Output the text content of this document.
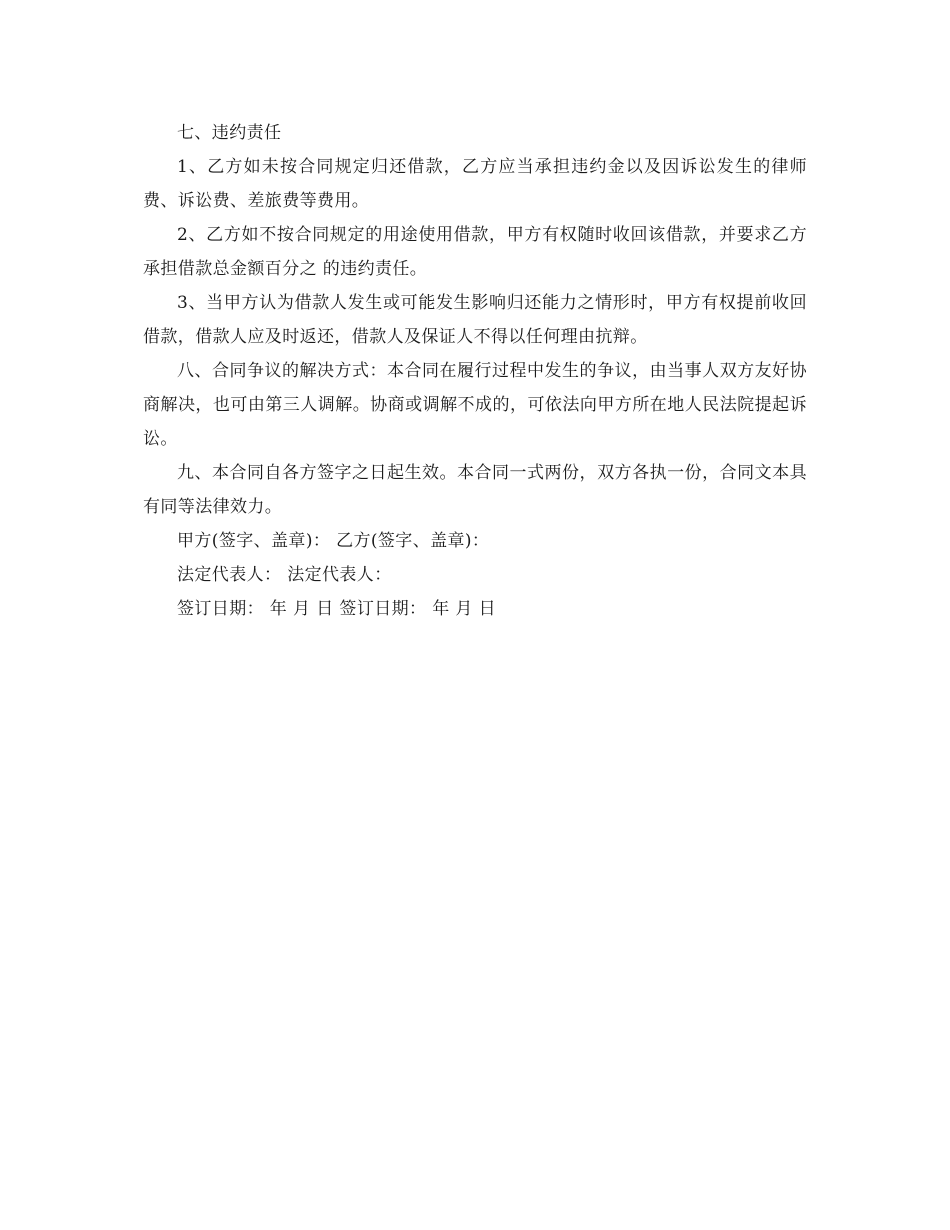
七、违约责任

1、乙方如未按合同规定归还借款，乙方应当承担违约金以及因诉讼发生的律师费、诉讼费、差旅费等费用。

2、乙方如不按合同规定的用途使用借款，甲方有权随时收回该借款，并要求乙方承担借款总金额百分之 的违约责任。

3、当甲方认为借款人发生或可能发生影响归还能力之情形时，甲方有权提前收回借款，借款人应及时返还，借款人及保证人不得以任何理由抗辩。

八、合同争议的解决方式：本合同在履行过程中发生的争议，由当事人双方友好协商解决，也可由第三人调解。协商或调解不成的，可依法向甲方所在地人民法院提起诉讼。

九、本合同自各方签字之日起生效。本合同一式两份，双方各执一份，合同文本具有同等法律效力。

甲方(签字、盖章)： 乙方(签字、盖章)：

法定代表人： 法定代表人：

签订日期： 年 月 日 签订日期： 年 月 日
